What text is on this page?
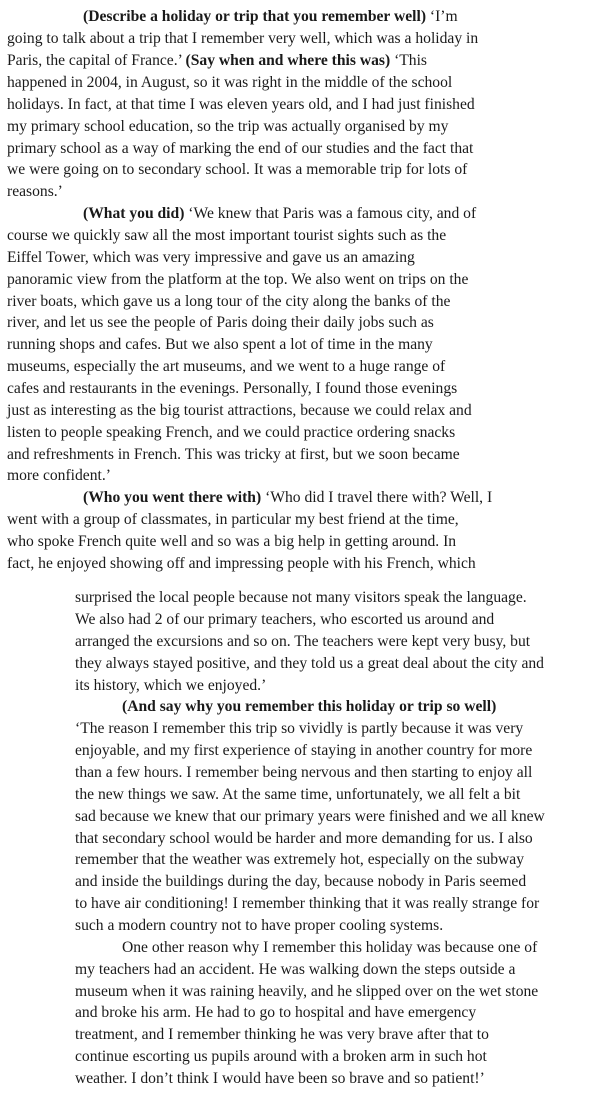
(Describe a holiday or trip that you remember well) ‘I’m
going to talk about a trip that I remember very well, which was a holiday in
Paris, the capital of France.’ (Say when and where this was) ‘This
happened in 2004, in August, so it was right in the middle of the school
holidays. In fact, at that time I was eleven years old, and I had just finished
my primary school education, so the trip was actually organised by my
primary school as a way of marking the end of our studies and the fact that
we were going on to secondary school. It was a memorable trip for lots of
reasons.’
(What you did) ‘We knew that Paris was a famous city, and of
course we quickly saw all the most important tourist sights such as the
Eiffel Tower, which was very impressive and gave us an amazing
panoramic view from the platform at the top. We also went on trips on the
river boats, which gave us a long tour of the city along the banks of the
river, and let us see the people of Paris doing their daily jobs such as
running shops and cafes. But we also spent a lot of time in the many
museums, especially the art museums, and we went to a huge range of
cafes and restaurants in the evenings. Personally, I found those evenings
just as interesting as the big tourist attractions, because we could relax and
listen to people speaking French, and we could practice ordering snacks
and refreshments in French. This was tricky at first, but we soon became
more confident.’
(Who you went there with) ‘Who did I travel there with? Well, I
went with a group of classmates, in particular my best friend at the time,
who spoke French quite well and so was a big help in getting around. In
fact, he enjoyed showing off and impressing people with his French, which
surprised the local people because not many visitors speak the language.
We also had 2 of our primary teachers, who escorted us around and
arranged the excursions and so on. The teachers were kept very busy, but
they always stayed positive, and they told us a great deal about the city and
its history, which we enjoyed.’
(And say why you remember this holiday or trip so well)
‘The reason I remember this trip so vividly is partly because it was very
enjoyable, and my first experience of staying in another country for more
than a few hours. I remember being nervous and then starting to enjoy all
the new things we saw. At the same time, unfortunately, we all felt a bit
sad because we knew that our primary years were finished and we all knew
that secondary school would be harder and more demanding for us. I also
remember that the weather was extremely hot, especially on the subway
and inside the buildings during the day, because nobody in Paris seemed
to have air conditioning! I remember thinking that it was really strange for
such a modern country not to have proper cooling systems.
One other reason why I remember this holiday was because one of
my teachers had an accident. He was walking down the steps outside a
museum when it was raining heavily, and he slipped over on the wet stone
and broke his arm. He had to go to hospital and have emergency
treatment, and I remember thinking he was very brave after that to
continue escorting us pupils around with a broken arm in such hot
weather. I don’t think I would have been so brave and so patient!’
